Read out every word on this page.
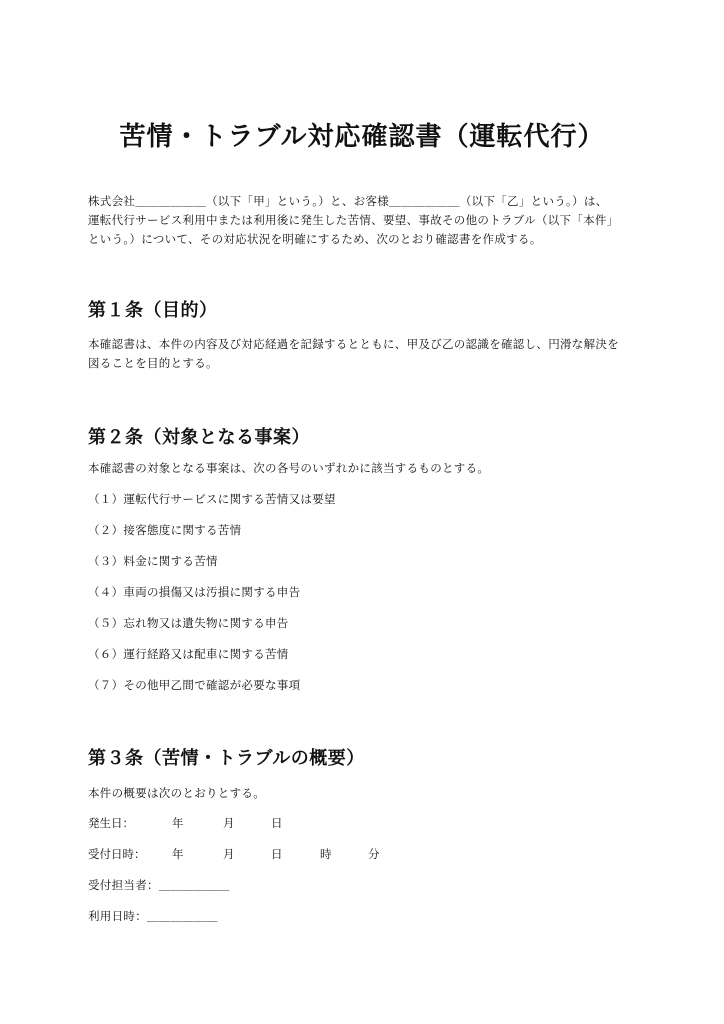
苦情・トラブル対応確認書（運転代行）

株式会社＿＿＿＿＿＿（以下「甲」という。）と、お客様＿＿＿＿＿＿（以下「乙」という。）は、
運転代行サービス利用中または利用後に発生した苦情、要望、事故その他のトラブル（以下「本件」
という。）について、その対応状況を明確にするため、次のとおり確認書を作成する。

第１条（目的）

本確認書は、本件の内容及び対応経過を記録するとともに、甲及び乙の認識を確認し、円滑な解決を
図ることを目的とする。

第２条（対象となる事案）

本確認書の対象となる事案は、次の各号のいずれかに該当するものとする。

（１）運転代行サービスに関する苦情又は要望

（２）接客態度に関する苦情

（３）料金に関する苦情

（４）車両の損傷又は汚損に関する申告

（５）忘れ物又は遺失物に関する申告

（６）運行経路又は配車に関する苦情

（７）その他甲乙間で確認が必要な事項

第３条（苦情・トラブルの概要）

本件の概要は次のとおりとする。

発生日：	年	月	日
受付日時： 年	月	日	時	分

受付担当者：＿＿＿＿＿＿

利用日時：＿＿＿＿＿＿
